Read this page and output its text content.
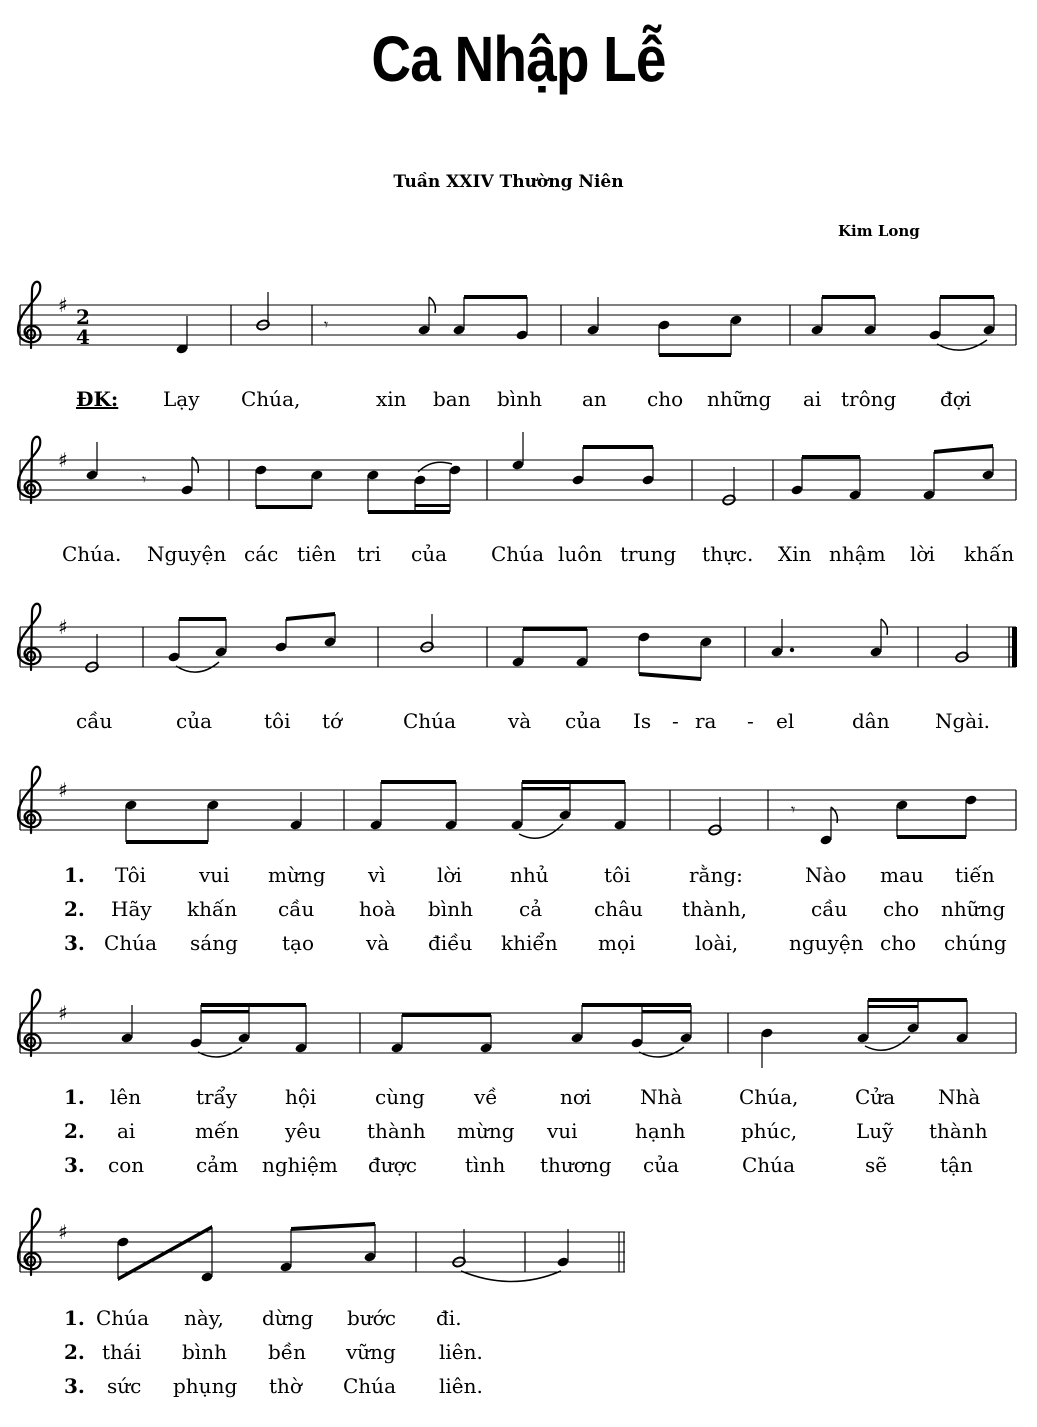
Ca Nhập Lễ
Tuần XXIV Thường Niên
Kim Long
♯ 2
4
𝄾
ĐK: Lạy Chúa,	xin ban bình an cho những ai trông đợi
♯
𝄾
Chúa. Nguyện các tiên tri của Chúa luôn trung thực. Xin nhậm lời khấn
♯
cầu	của	tôi tớ	Chúa	và của Is - ra - el	dân Ngài.
♯
𝄾
1. Tôi	vui mừng vì	lời nhủ	tôi	rằng:	Nào mau tiến
2. Hãy khấn cầu hoà bình cả	châu thành,	cầu cho những
3. Chúa sáng tạo	và điều khiển mọi	loài,	nguyện cho chúng
♯
1. lên	trẩy hội	cùng về	nơi Nhà	Chúa,	Cửa Nhà
2. ai	mến yêu thành mừng vui	hạnh	phúc,	Luỹ thành
3. con	cảm nghiệm được tình thương của	Chúa	sẽ	tận
♯
1. Chúa này, dừng bước đi.
2. thái bình bền vững liên.
3. sức phụng thờ Chúa liên.
